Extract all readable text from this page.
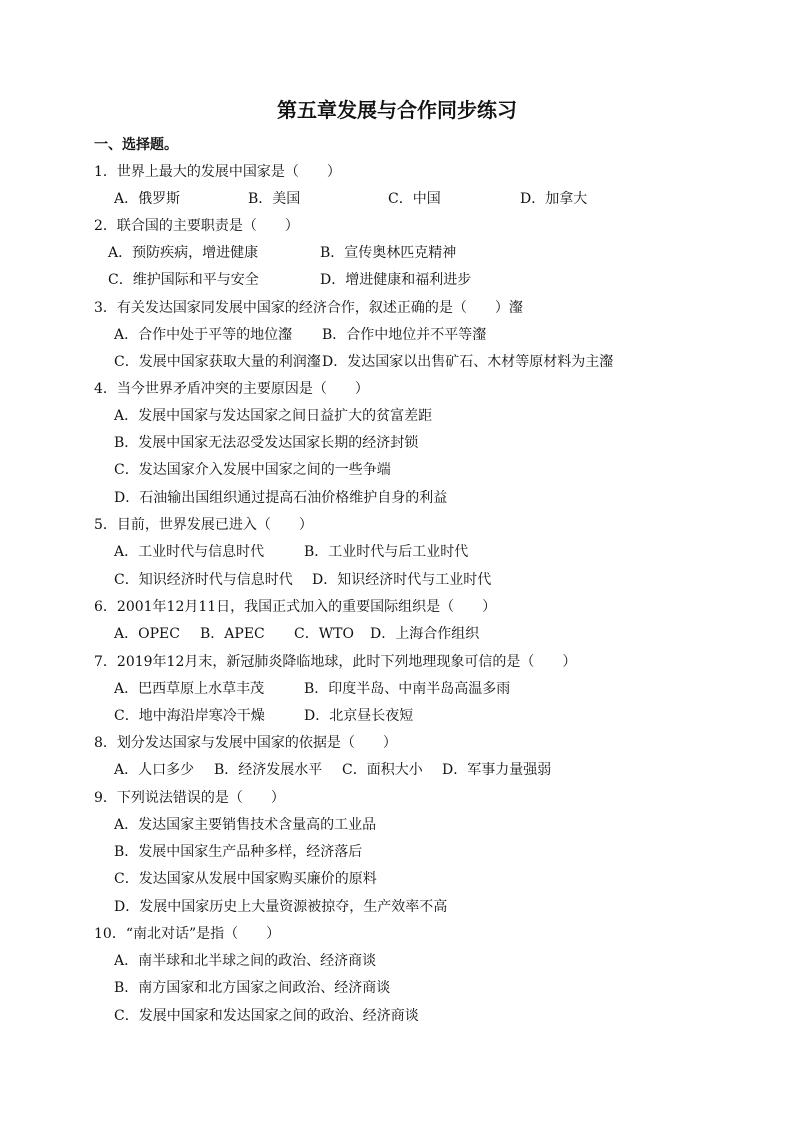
第五章发展与合作同步练习
一、选择题。
1．世界上最大的发展中国家是（　　）
A．俄罗斯	B．美国	C．中国	D．加拿大
2．联合国的主要职责是（　　）
A．预防疾病，增进健康	B．宣传奥林匹克精神
C．维护国际和平与安全	D．增进健康和福利进步
3．有关发达国家同发展中国家的经济合作，叙述正确的是（　　）瀣
A．合作中处于平等的地位瀣 B．合作中地位并不平等瀣
C．发展中国家获取大量的利润瀣 D．发达国家以出售矿石、木材等原材料为主瀣
4．当今世界矛盾冲突的主要原因是（　　）
A．发展中国家与发达国家之间日益扩大的贫富差距
B．发展中国家无法忍受发达国家长期的经济封锁
C．发达国家介入发展中国家之间的一些争端
D．石油输出国组织通过提高石油价格维护自身的利益
5．目前，世界发展已进入（　　）
A．工业时代与信息时代	B．工业时代与后工业时代
C．知识经济时代与信息时代 D．知识经济时代与工业时代
6．2001年12月11日，我国正式加入的重要国际组织是（　　）
A．OPEC B．APEC C．WTO D．上海合作组织
7．2019年12月末，新冠肺炎降临地球，此时下列地理现象可信的是（　　）
A．巴西草原上水草丰茂	B．印度半岛、中南半岛高温多雨
C．地中海沿岸寒冷干燥	D．北京昼长夜短
8．划分发达国家与发展中国家的依据是（　　）
A．人口多少 B．经济发展水平 C．面积大小 D．军事力量强弱
9．下列说法错误的是（　　）
A．发达国家主要销售技术含量高的工业品
B．发展中国家生产品种多样，经济落后
C．发达国家从发展中国家购买廉价的原料
D．发展中国家历史上大量资源被掠夺，生产效率不高
10．“南北对话”是指（　　）
A．南半球和北半球之间的政治、经济商谈
B．南方国家和北方国家之间政治、经济商谈
C．发展中国家和发达国家之间的政治、经济商谈
